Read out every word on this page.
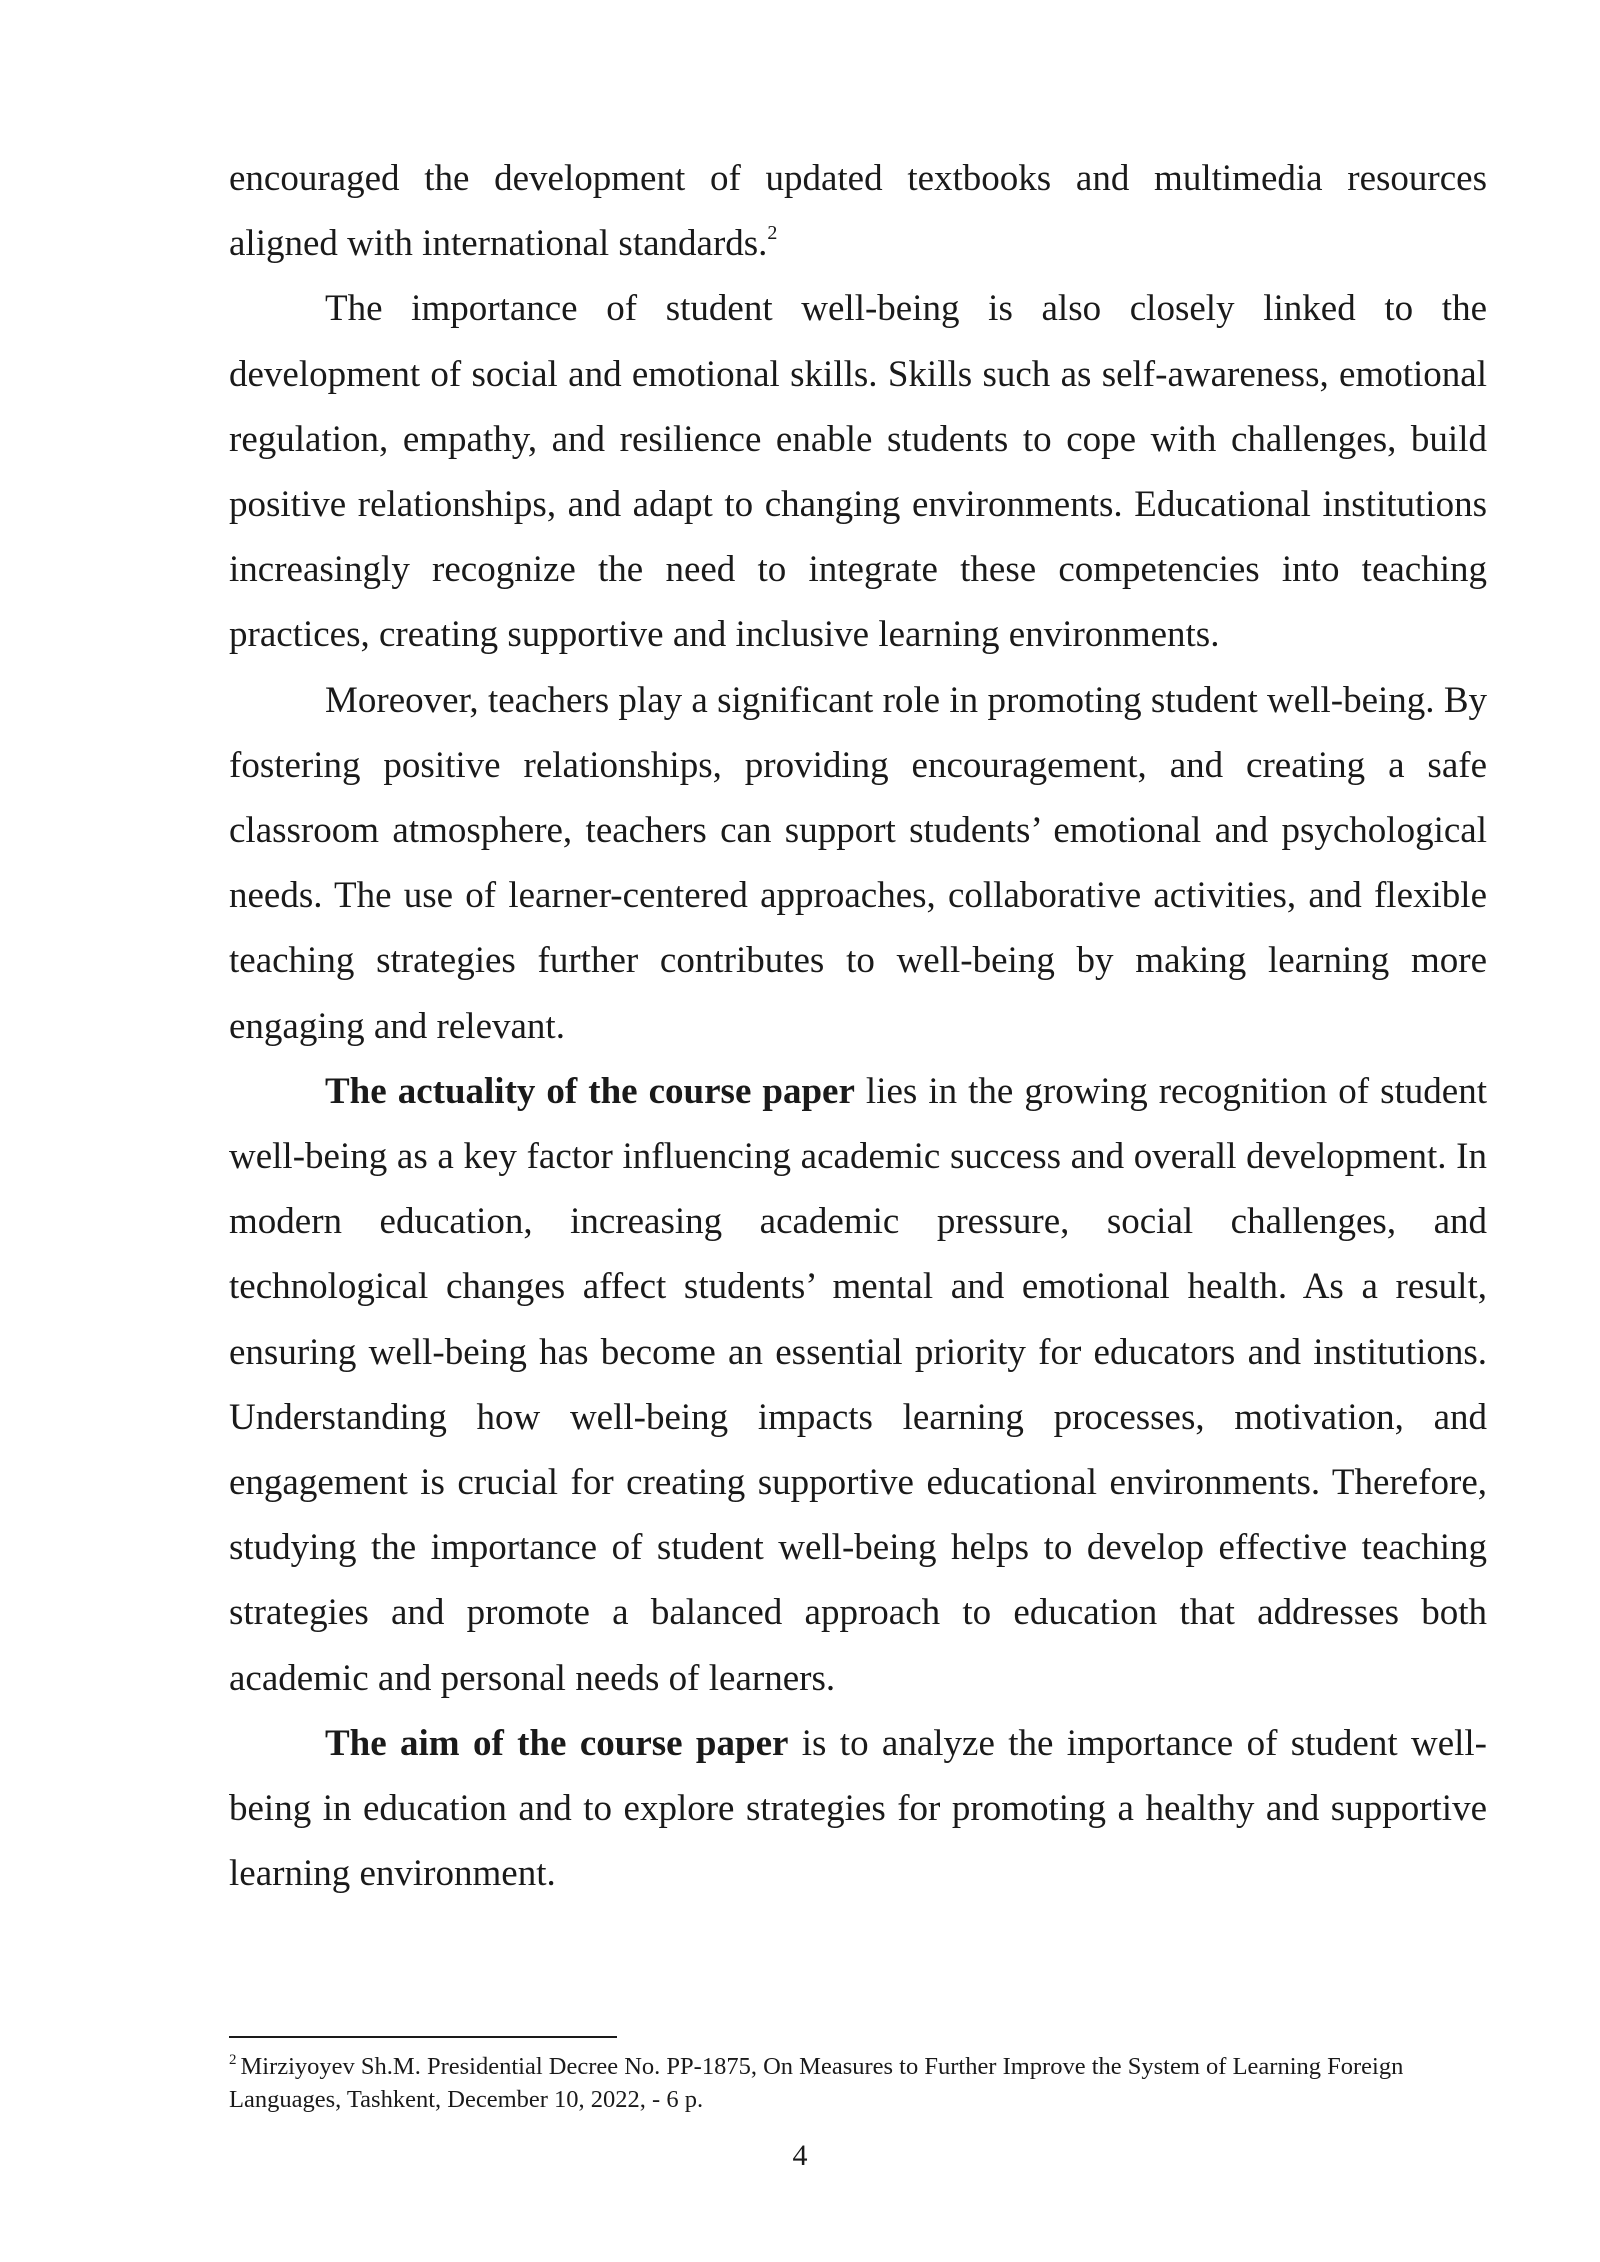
encouraged the development of updated textbooks and multimedia resources
aligned with international standards.$^2$

The importance of student well-being is also closely linked to the development of social and emotional skills. Skills such as self-awareness, emotional regulation, empathy, and resilience enable students to cope with challenges, build positive relationships, and adapt to changing environments. Educational institutions increasingly recognize the need to integrate these competencies into teaching practices, creating supportive and inclusive learning environments.

Moreover, teachers play a significant role in promoting student well-being. By fostering positive relationships, providing encouragement, and creating a safe classroom atmosphere, teachers can support students’ emotional and psychological needs. The use of learner-centered approaches, collaborative activities, and flexible teaching strategies further contributes to well-being by making learning more engaging and relevant.

The actuality of the course paper lies in the growing recognition of student well-being as a key factor influencing academic success and overall development. In modern education, increasing academic pressure, social challenges, and technological changes affect students’ mental and emotional health. As a result, ensuring well-being has become an essential priority for educators and institutions. Understanding how well-being impacts learning processes, motivation, and engagement is crucial for creating supportive educational environments. Therefore, studying the importance of student well-being helps to develop effective teaching strategies and promote a balanced approach to education that addresses both academic and personal needs of learners.

The aim of the course paper is to analyze the importance of student well-being in education and to explore strategies for promoting a healthy and supportive learning environment.

$^2$ Mirziyoyev Sh.M. Presidential Decree No. PP-1875, On Measures to Further Improve the System of Learning Foreign Languages, Tashkent, December 10, 2022, - 6 p.
4
